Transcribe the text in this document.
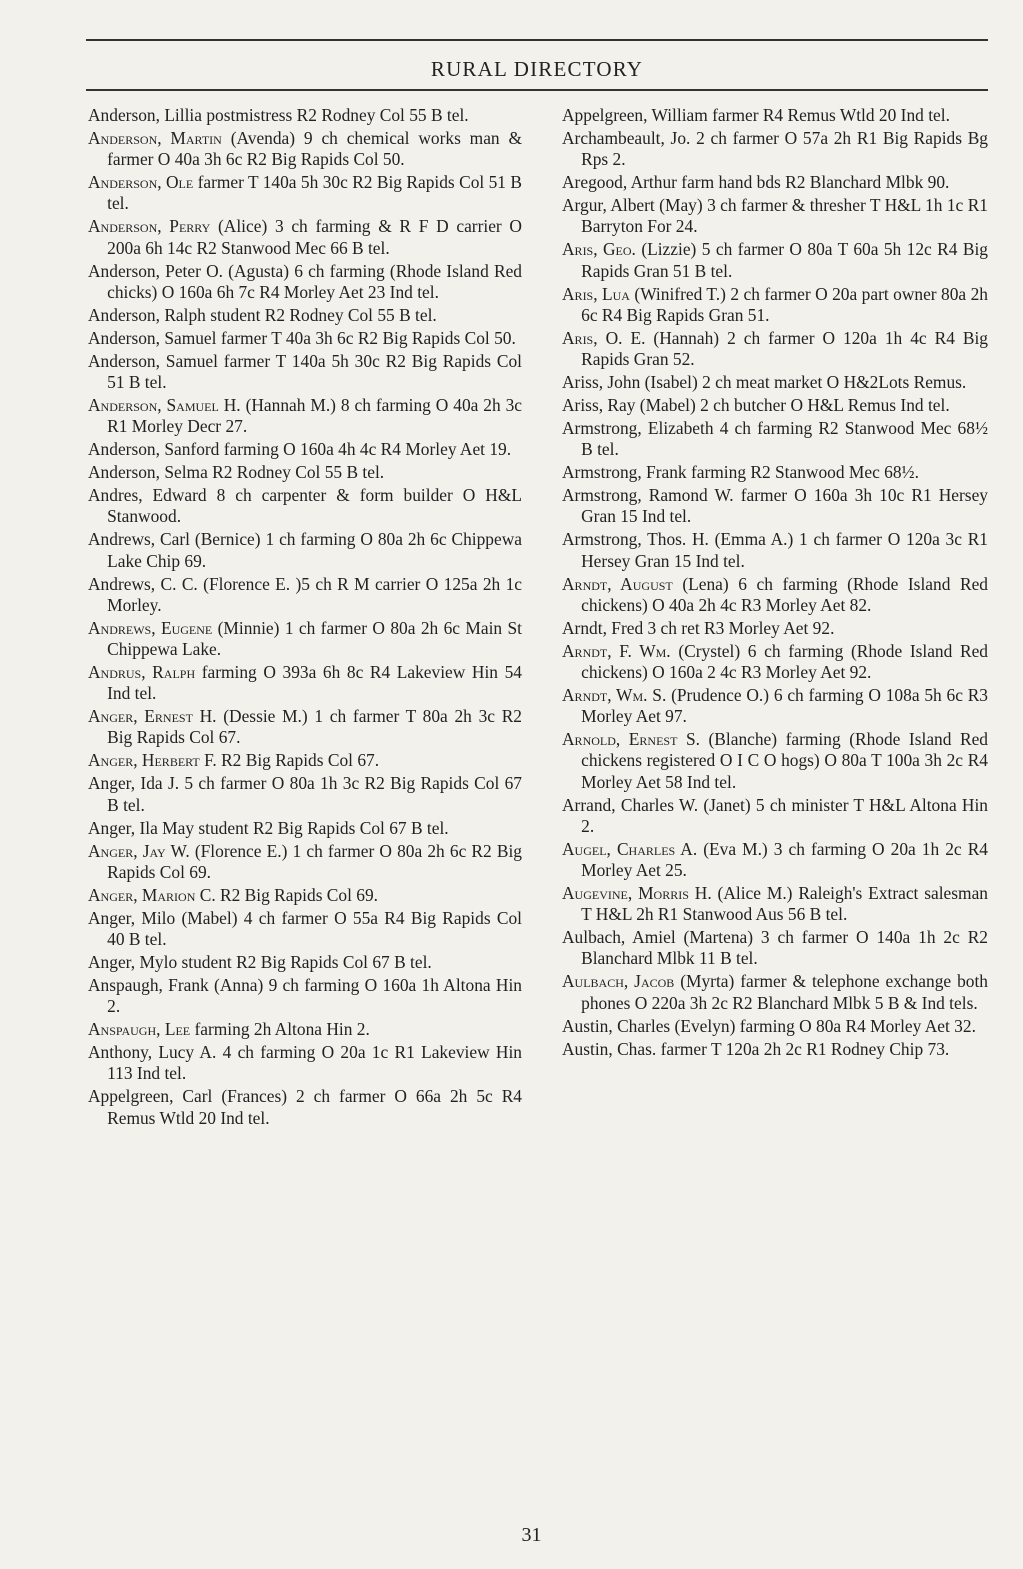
RURAL DIRECTORY

Anderson, Lillia postmistress R2 Rodney Col 55 B tel.

Anderson, Martin (Avenda) 9 ch chemical works man & farmer O 40a 3h 6c R2 Big Rapids Col 50.

Anderson, Ole farmer T 140a 5h 30c R2 Big Rapids Col 51 B tel.

Anderson, Perry (Alice) 3 ch farming & R F D carrier O 200a 6h 14c R2 Stanwood Mec 66 B tel.

Anderson, Peter O. (Agusta) 6 ch farming (Rhode Island Red chicks) O 160a 6h 7c R4 Morley Aet 23 Ind tel.

Anderson, Ralph student R2 Rodney Col 55 B tel.

Anderson, Samuel farmer T 40a 3h 6c R2 Big Rapids Col 50.

Anderson, Samuel farmer T 140a 5h 30c R2 Big Rapids Col 51 B tel.

Anderson, Samuel H. (Hannah M.) 8 ch farming O 40a 2h 3c R1 Morley Decr 27.

Anderson, Sanford farming O 160a 4h 4c R4 Morley Aet 19.

Anderson, Selma R2 Rodney Col 55 B tel.

Andres, Edward 8 ch carpenter & form builder O H&L Stanwood.

Andrews, Carl (Bernice) 1 ch farming O 80a 2h 6c Chippewa Lake Chip 69.

Andrews, C. C. (Florence E. )5 ch R M carrier O 125a 2h 1c Morley.

Andrews, Eugene (Minnie) 1 ch farmer O 80a 2h 6c Main St Chippewa Lake.

Andrus, Ralph farming O 393a 6h 8c R4 Lakeview Hin 54 Ind tel.

Anger, Ernest H. (Dessie M.) 1 ch farmer T 80a 2h 3c R2 Big Rapids Col 67.

Anger, Herbert F. R2 Big Rapids Col 67.

Anger, Ida J. 5 ch farmer O 80a 1h 3c R2 Big Rapids Col 67 B tel.

Anger, Ila May student R2 Big Rapids Col 67 B tel.

Anger, Jay W. (Florence E.) 1 ch farmer O 80a 2h 6c R2 Big Rapids Col 69.

Anger, Marion C. R2 Big Rapids Col 69.

Anger, Milo (Mabel) 4 ch farmer O 55a R4 Big Rapids Col 40 B tel.

Anger, Mylo student R2 Big Rapids Col 67 B tel.

Anspaugh, Frank (Anna) 9 ch farming O 160a 1h Altona Hin 2.

Anspaugh, Lee farming 2h Altona Hin 2.

Anthony, Lucy A. 4 ch farming O 20a 1c R1 Lakeview Hin 113 Ind tel.

Appelgreen, Carl (Frances) 2 ch farmer O 66a 2h 5c R4 Remus Wtld 20 Ind tel.

Appelgreen, William farmer R4 Remus Wtld 20 Ind tel.

Archambeault, Jo. 2 ch farmer O 57a 2h R1 Big Rapids Bg Rps 2.

Aregood, Arthur farm hand bds R2 Blanchard Mlbk 90.

Argur, Albert (May) 3 ch farmer & thresher T H&L 1h 1c R1 Barryton For 24.

Aris, Geo. (Lizzie) 5 ch farmer O 80a T 60a 5h 12c R4 Big Rapids Gran 51 B tel.

Aris, Lua (Winifred T.) 2 ch farmer O 20a part owner 80a 2h 6c R4 Big Rapids Gran 51.

Aris, O. E. (Hannah) 2 ch farmer O 120a 1h 4c R4 Big Rapids Gran 52.

Ariss, John (Isabel) 2 ch meat market O H&2Lots Remus.

Ariss, Ray (Mabel) 2 ch butcher O H&L Remus Ind tel.

Armstrong, Elizabeth 4 ch farming R2 Stanwood Mec 68½ B tel.

Armstrong, Frank farming R2 Stanwood Mec 68½.

Armstrong, Ramond W. farmer O 160a 3h 10c R1 Hersey Gran 15 Ind tel.

Armstrong, Thos. H. (Emma A.) 1 ch farmer O 120a 3c R1 Hersey Gran 15 Ind tel.

Arndt, August (Lena) 6 ch farming (Rhode Island Red chickens) O 40a 2h 4c R3 Morley Aet 82.

Arndt, Fred 3 ch ret R3 Morley Aet 92.

Arndt, F. Wm. (Crystel) 6 ch farming (Rhode Island Red chickens) O 160a 2 4c R3 Morley Aet 92.

Arndt, Wm. S. (Prudence O.) 6 ch farming O 108a 5h 6c R3 Morley Aet 97.

Arnold, Ernest S. (Blanche) farming (Rhode Island Red chickens registered O I C O hogs) O 80a T 100a 3h 2c R4 Morley Aet 58 Ind tel.

Arrand, Charles W. (Janet) 5 ch minister T H&L Altona Hin 2.

Augel, Charles A. (Eva M.) 3 ch farming O 20a 1h 2c R4 Morley Aet 25.

Augevine, Morris H. (Alice M.) Raleigh's Extract salesman T H&L 2h R1 Stanwood Aus 56 B tel.

Aulbach, Amiel (Martena) 3 ch farmer O 140a 1h 2c R2 Blanchard Mlbk 11 B tel.

Aulbach, Jacob (Myrta) farmer & telephone exchange both phones O 220a 3h 2c R2 Blanchard Mlbk 5 B & Ind tels.

Austin, Charles (Evelyn) farming O 80a R4 Morley Aet 32.

Austin, Chas. farmer T 120a 2h 2c R1 Rodney Chip 73.

31
